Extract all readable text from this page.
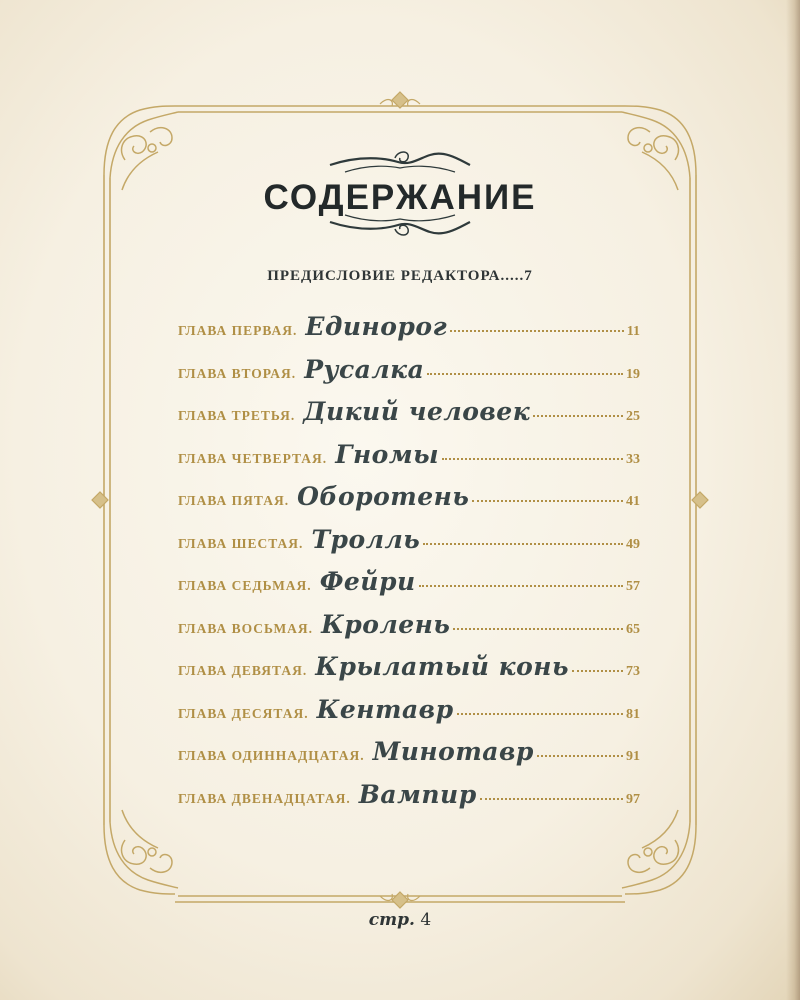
СОДЕРЖАНИЕ
ПРЕДИСЛОВИЕ РЕДАКТОРА.....7
ГЛАВА ПЕРВАЯ. Единорог	11
ГЛАВА ВТОРАЯ. Русалка	19
ГЛАВА ТРЕТЬЯ. Дикий человек	25
ГЛАВА ЧЕТВЕРТАЯ. Гномы	33
ГЛАВА ПЯТАЯ. Оборотень	41
ГЛАВА ШЕСТАЯ. Тролль	49
ГЛАВА СЕДЬМАЯ. Фейри	57
ГЛАВА ВОСЬМАЯ. Кролень	65
ГЛАВА ДЕВЯТАЯ. Крылатый конь	73
ГЛАВА ДЕСЯТАЯ. Кентавр	81
ГЛАВА ОДИННАДЦАТАЯ. Минотавр	91
ГЛАВА ДВЕНАДЦАТАЯ. Вампир	97
стр. 4
